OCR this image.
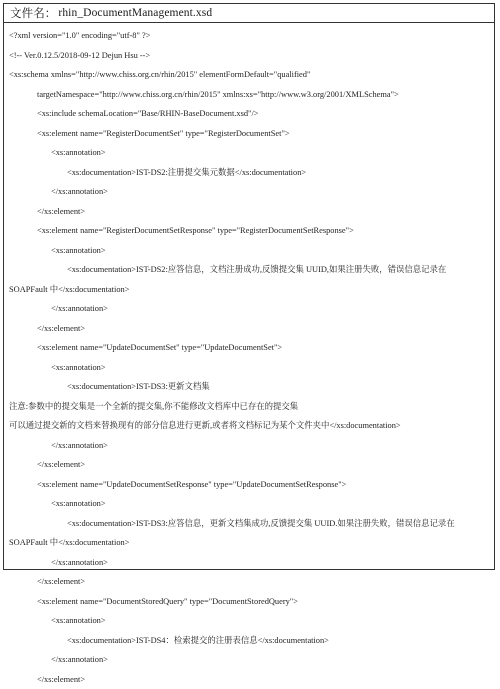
文件名： rhin_DocumentManagement.xsd
<?xml version="1.0" encoding="utf-8" ?>
<!-- Ver.0.12.5/2018-09-12 Dejun Hsu -->
<xs:schema xmlns="http://www.chiss.org.cn/rhin/2015" elementFormDefault="qualified"
targetNamespace="http://www.chiss.org.cn/rhin/2015" xmlns:xs="http://www.w3.org/2001/XMLSchema">
<xs:include schemaLocation="Base/RHIN-BaseDocument.xsd"/>
<xs:element name="RegisterDocumentSet" type="RegisterDocumentSet">
<xs:annotation>
<xs:documentation>IST-DS2:注册提交集元数据</xs:documentation>
</xs:annotation>
</xs:element>
<xs:element name="RegisterDocumentSetResponse" type="RegisterDocumentSetResponse">
<xs:annotation>
<xs:documentation>IST-DS2:应答信息，文档注册成功,反馈提交集 UUID,如果注册失败，错误信息记录在
SOAPFault 中</xs:documentation>
</xs:annotation>
</xs:element>
<xs:element name="UpdateDocumentSet" type="UpdateDocumentSet">
<xs:annotation>
<xs:documentation>IST-DS3:更新文档集
注意:参数中的提交集是一个全新的提交集,你不能修改文档库中已存在的提交集
可以通过提交新的文档来替换现有的部分信息进行更新,或者将文档标记为某个文件夹中</xs:documentation>
</xs:annotation>
</xs:element>
<xs:element name="UpdateDocumentSetResponse" type="UpdateDocumentSetResponse">
<xs:annotation>
<xs:documentation>IST-DS3:应答信息，更新文档集成功,反馈提交集 UUID.如果注册失败，错误信息记录在
SOAPFault 中</xs:documentation>
</xs:annotation>
</xs:element>
<xs:element name="DocumentStoredQuery" type="DocumentStoredQuery">
<xs:annotation>
<xs:documentation>IST-DS4：检索提交的注册表信息</xs:documentation>
</xs:annotation>
</xs:element>
